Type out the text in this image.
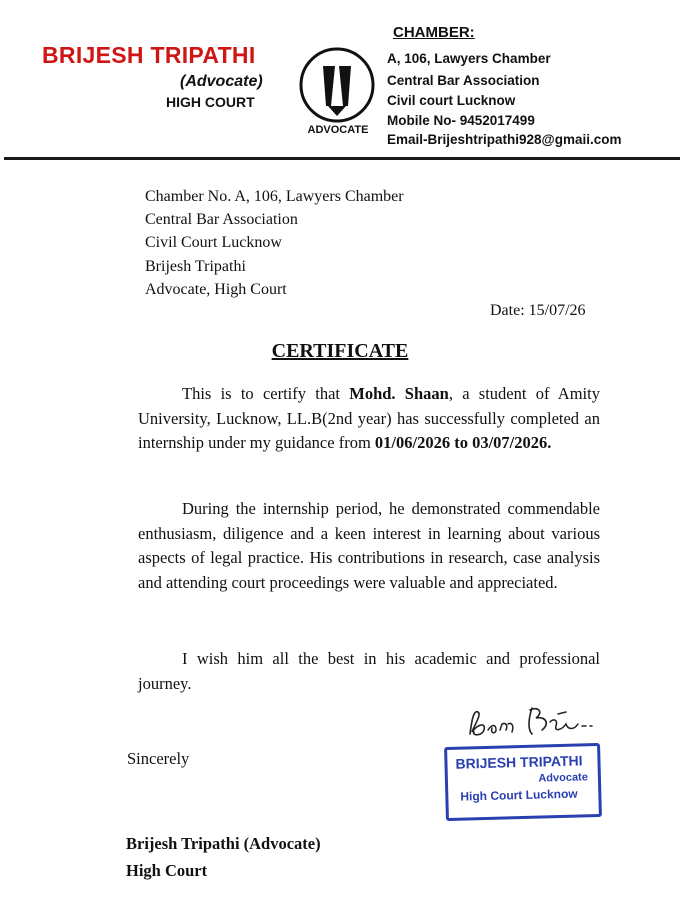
BRIJESH TRIPATHI
(Advocate)
HIGH COURT
ADVOCATE
CHAMBER:
A, 106, Lawyers Chamber
Central Bar Association
Civil court Lucknow
Mobile No- 9452017499
Email-Brijeshtripathi928@gmaii.com
Chamber No. A, 106, Lawyers Chamber
Central Bar Association
Civil Court Lucknow
Brijesh Tripathi
Advocate, High Court
Date: 15/07/26
CERTIFICATE
This is to certify that Mohd. Shaan, a student of Amity University, Lucknow, LL.B(2nd year) has successfully completed an internship under my guidance from 01/06/2026 to 03/07/2026.
During the internship period, he demonstrated commendable enthusiasm, diligence and a keen interest in learning about various aspects of legal practice. His contributions in research, case analysis and attending court proceedings were valuable and appreciated.
I wish him all the best in his academic and professional journey.
Sincerely	BRIJESH TRIPATHI
Advocate
High Court Lucknow
Brijesh Tripathi (Advocate)
High Court
